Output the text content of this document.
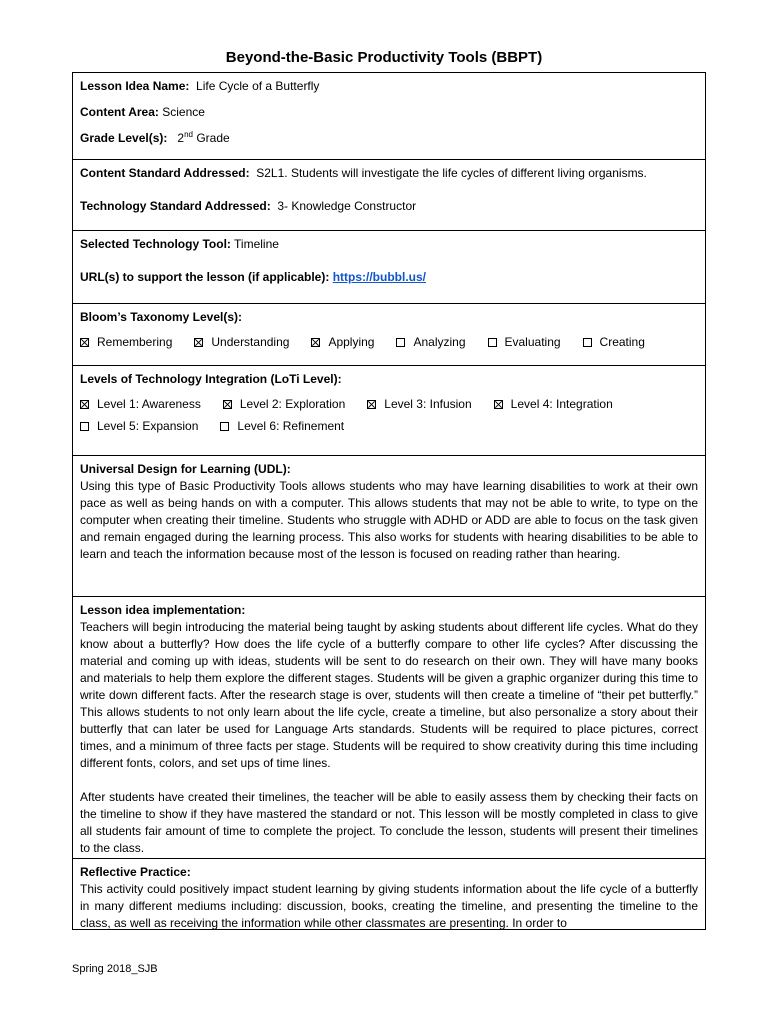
Beyond-the-Basic Productivity Tools (BBPT)
Lesson Idea Name: Life Cycle of a Butterfly
Content Area: Science
Grade Level(s): 2nd Grade
Content Standard Addressed: S2L1. Students will investigate the life cycles of different living organisms.
Technology Standard Addressed: 3- Knowledge Constructor
Selected Technology Tool: Timeline
URL(s) to support the lesson (if applicable): https://bubbl.us/
Bloom’s Taxonomy Level(s):
Remembering	Understanding	Applying	Analyzing	Evaluating	Creating
Levels of Technology Integration (LoTi Level):
Level 1: Awareness	Level 2: Exploration	Level 3: Infusion	Level 4: Integration
Level 5: Expansion	Level 6: Refinement
Universal Design for Learning (UDL):
Using this type of Basic Productivity Tools allows students who may have learning disabilities to work at their own pace as well as being hands on with a computer. This allows students that may not be able to write, to type on the computer when creating their timeline. Students who struggle with ADHD or ADD are able to focus on the task given and remain engaged during the learning process. This also works for students with hearing disabilities to be able to learn and teach the information because most of the lesson is focused on reading rather than hearing.
Lesson idea implementation:
Teachers will begin introducing the material being taught by asking students about different life cycles. What do they know about a butterfly? How does the life cycle of a butterfly compare to other life cycles? After discussing the material and coming up with ideas, students will be sent to do research on their own. They will have many books and materials to help them explore the different stages. Students will be given a graphic organizer during this time to write down different facts. After the research stage is over, students will then create a timeline of “their pet butterfly.” This allows students to not only learn about the life cycle, create a timeline, but also personalize a story about their butterfly that can later be used for Language Arts standards. Students will be required to place pictures, correct times, and a minimum of three facts per stage. Students will be required to show creativity during this time including different fonts, colors, and set ups of time lines.
After students have created their timelines, the teacher will be able to easily assess them by checking their facts on the timeline to show if they have mastered the standard or not. This lesson will be mostly completed in class to give all students fair amount of time to complete the project. To conclude the lesson, students will present their timelines to the class.
Reflective Practice:
This activity could positively impact student learning by giving students information about the life cycle of a butterfly in many different mediums including: discussion, books, creating the timeline, and presenting the timeline to the class, as well as receiving the information while other classmates are presenting. In order to
Spring 2018_SJB
